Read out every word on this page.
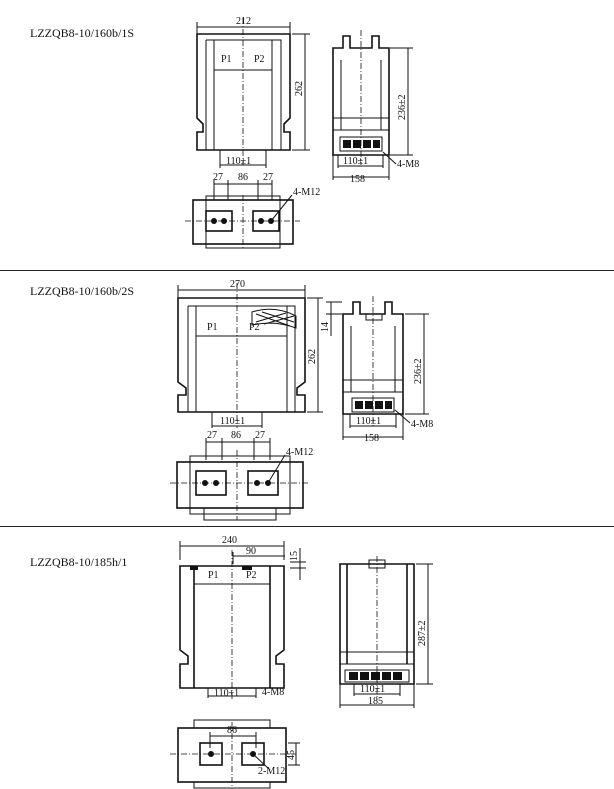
LZZQB8-10/160b/1S
LZZQB8-10/160b/2S
LZZQB8-10/185h/1
212
P1 P2
262
110±1
236±2
110±1	4-M8
158
27 86 27
4-M12
270
P1	P2
262
110±1
14
236±2
110±1	4-M8
158
27 86 27
4-M12
240
90	15
P1	P2
110±1 4-M8
287±2
110±1
185
86
2-M12
45
